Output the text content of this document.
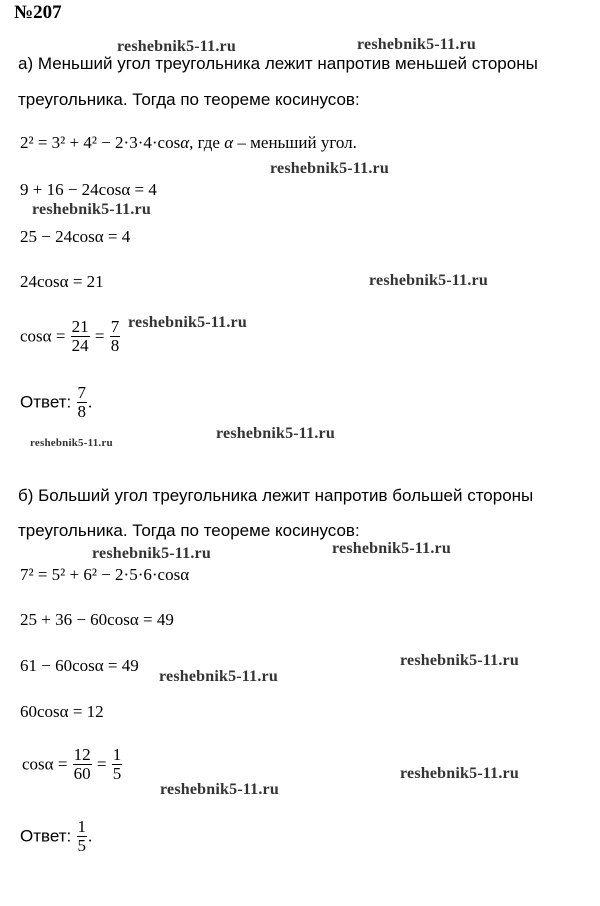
№207
а) Меньший угол треугольника лежит напротив меньшей стороны
треугольника. Тогда по теореме косинусов:
2² = 3² + 4² − 2·3·4·cosα, где α – меньший угол.
9 + 16 − 24cosα = 4
25 − 24cosα = 4
24cosα = 21
$\cos\alpha = \frac{21}{24} = \frac{7}{8}$
Ответ: $\frac{7}{8}$ .
б) Больший угол треугольника лежит напротив большей стороны
треугольника. Тогда по теореме косинусов:
7² = 5² + 6² − 2·5·6·cosα
25 + 36 − 60cosα = 49
61 − 60cosα = 49
60cosα = 12
$\cos\alpha = \frac{12}{60} = \frac{1}{5}$
Ответ: $\frac{1}{5}$ .
reshebnik5-11.ru	reshebnik5-11.ru
reshebnik5-11.ru
reshebnik5-11.ru
reshebnik5-11.ru
reshebnik5-11.ru
reshebnik5-11.ru
reshebnik5-11.ru
reshebnik5-11.ru	reshebnik5-11.ru
reshebnik5-11.ru
reshebnik5-11.ru
reshebnik5-11.ru
reshebnik5-11.ru
